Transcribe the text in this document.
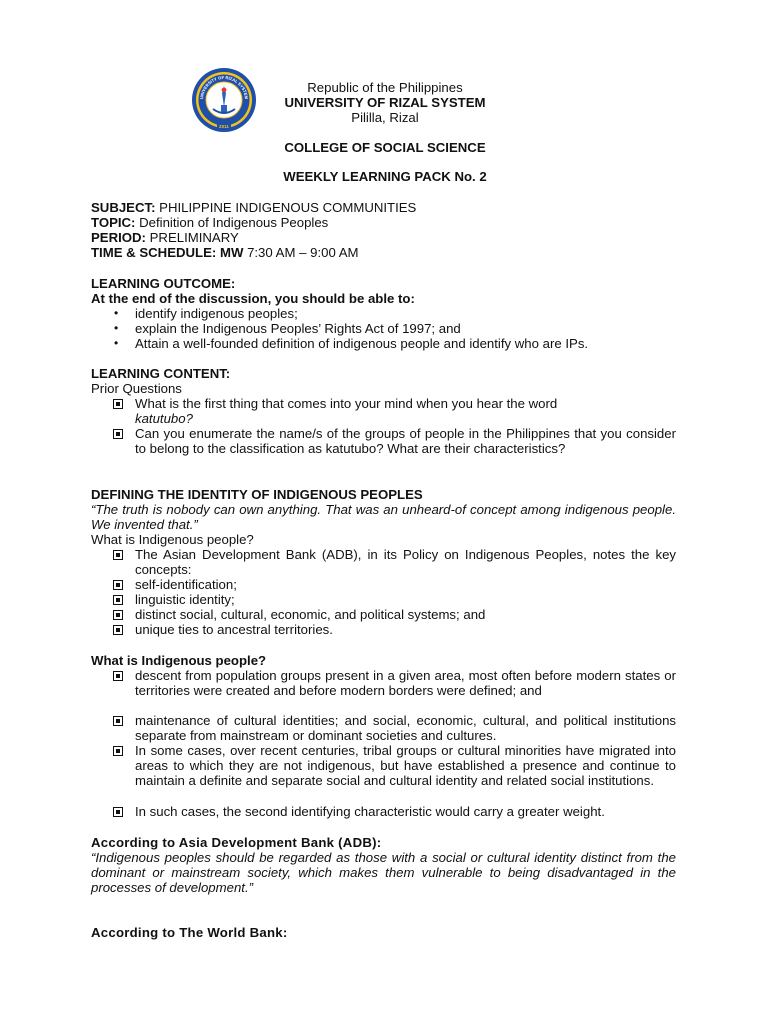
2011
UNIVERSITY OF RIZAL SYSTEM

Republic of the Philippines

UNIVERSITY OF RIZAL SYSTEM

Pililla, Rizal

COLLEGE OF SOCIAL SCIENCE

WEEKLY LEARNING PACK No. 2

SUBJECT: PHILIPPINE INDIGENOUS COMMUNITIES

TOPIC: Definition of Indigenous Peoples

PERIOD: PRELIMINARY

TIME & SCHEDULE: MW 7:30 AM – 9:00 AM

LEARNING OUTCOME:

At the end of the discussion, you should be able to:

• identify indigenous peoples;

• explain the Indigenous Peoples’ Rights Act of 1997; and

• Attain a well-founded definition of indigenous people and identify who are IPs.

LEARNING CONTENT:

Prior Questions

What is the first thing that comes into your mind when you hear the word
katutubo?

Can you enumerate the name/s of the groups of people in the Philippines that you consider to belong to the classification as katutubo? What are their characteristics?

DEFINING THE IDENTITY OF INDIGENOUS PEOPLES

“The truth is nobody can own anything. That was an unheard-of concept among indigenous people. We invented that.”

What is Indigenous people?

The Asian Development Bank (ADB), in its Policy on Indigenous Peoples, notes the key concepts:

self-identification;

linguistic identity;

distinct social, cultural, economic, and political systems; and

unique ties to ancestral territories.

What is Indigenous people?

descent from population groups present in a given area, most often before modern states or territories were created and before modern borders were defined; and

maintenance of cultural identities; and social, economic, cultural, and political institutions separate from mainstream or dominant societies and cultures.

In some cases, over recent centuries, tribal groups or cultural minorities have migrated into areas to which they are not indigenous, but have established a presence and continue to maintain a definite and separate social and cultural identity and related social institutions.

In such cases, the second identifying characteristic would carry a greater weight.

According to Asia Development Bank (ADB):

“Indigenous peoples should be regarded as those with a social or cultural identity distinct from the dominant or mainstream society, which makes them vulnerable to being disadvantaged in the processes of development.”

According to The World Bank:
